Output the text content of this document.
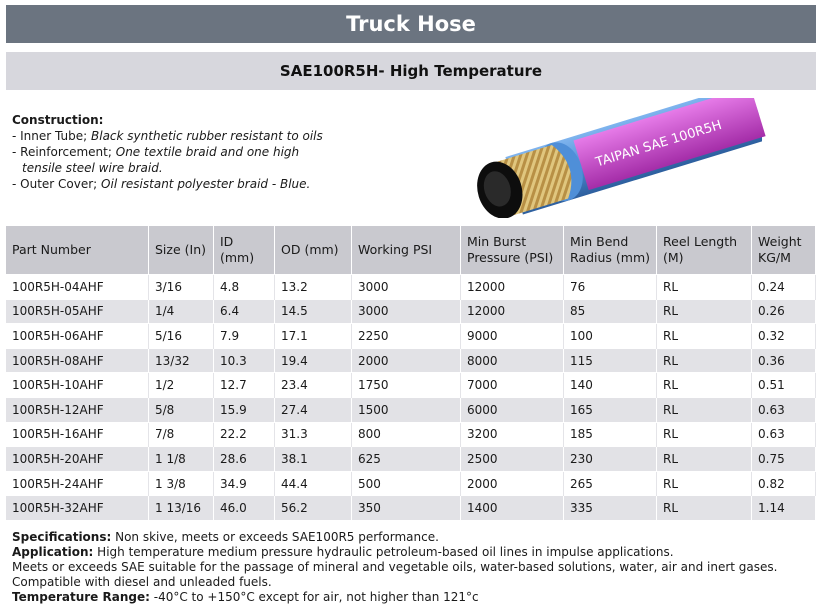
Truck Hose
SAE100R5H- High Temperature
Construction:
- Inner Tube; Black synthetic rubber resistant to oils
- Reinforcement; One textile braid and one high tensile steel wire braid.
- Outer Cover; Oil resistant polyester braid - Blue.
TAIPAN SAE 100R5H
Part Number	Size (In)	ID (mm)	OD (mm)	Working PSI	Min Burst Pressure (PSI)	Min Bend Radius (mm)	Reel Length (M)	Weight KG/M
100R5H-04AHF	3/16	4.8	13.2	3000	12000	76	RL	0.24
100R5H-05AHF	1/4	6.4	14.5	3000	12000	85	RL	0.26
100R5H-06AHF	5/16	7.9	17.1	2250	9000	100	RL	0.32
100R5H-08AHF	13/32	10.3	19.4	2000	8000	115	RL	0.36
100R5H-10AHF	1/2	12.7	23.4	1750	7000	140	RL	0.51
100R5H-12AHF	5/8	15.9	27.4	1500	6000	165	RL	0.63
100R5H-16AHF	7/8	22.2	31.3	800	3200	185	RL	0.63
100R5H-20AHF	1 1/8	28.6	38.1	625	2500	230	RL	0.75
100R5H-24AHF	1 3/8	34.9	44.4	500	2000	265	RL	0.82
100R5H-32AHF	1 13/16	46.0	56.2	350	1400	335	RL	1.14
Specifications: Non skive, meets or exceeds SAE100R5 performance.
Application: High temperature medium pressure hydraulic petroleum-based oil lines in impulse applications.
Meets or exceeds SAE suitable for the passage of mineral and vegetable oils, water-based solutions, water, air and inert gases. Compatible with diesel and unleaded fuels.
Temperature Range: -40°C to +150°C except for air, not higher than 121°c
